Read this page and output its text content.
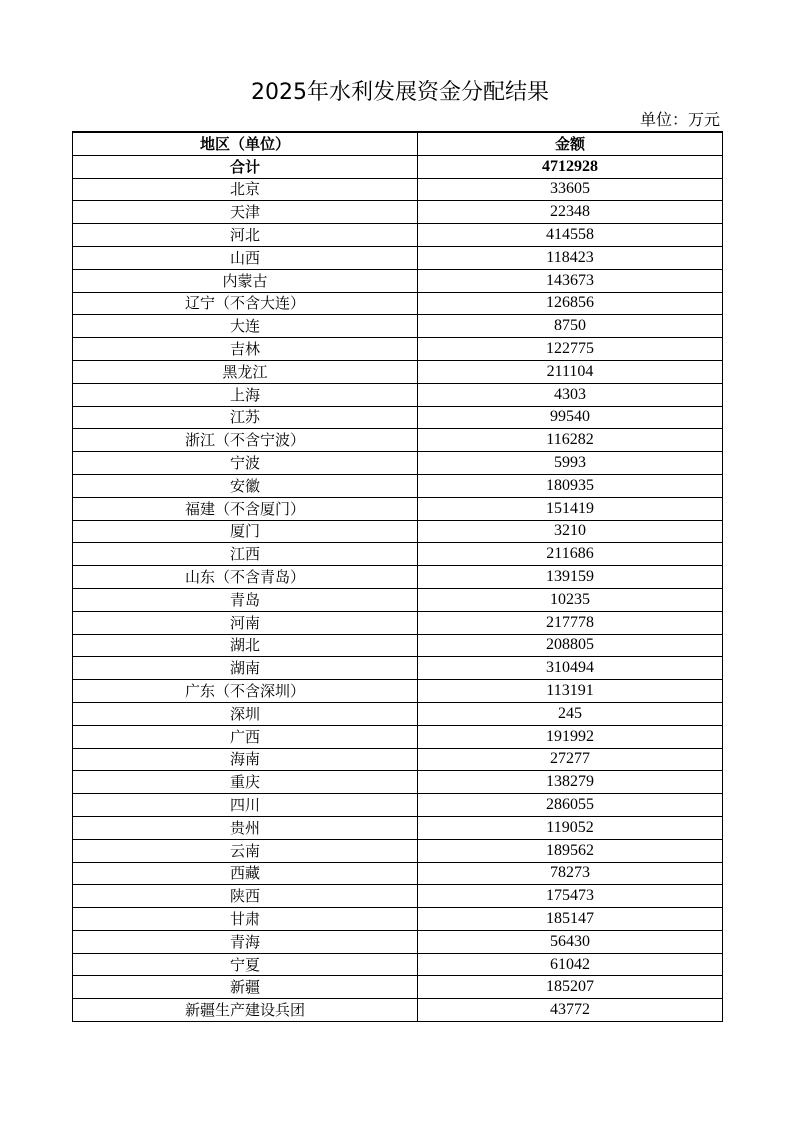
2025年水利发展资金分配结果
单位：万元
地区（单位）	金额
合计	4712928
北京	33605
天津	22348
河北	414558
山西	118423
内蒙古	143673
辽宁（不含大连）	126856
大连	8750
吉林	122775
黑龙江	211104
上海	4303
江苏	99540
浙江（不含宁波）	116282
宁波	5993
安徽	180935
福建（不含厦门）	151419
厦门	3210
江西	211686
山东（不含青岛）	139159
青岛	10235
河南	217778
湖北	208805
湖南	310494
广东（不含深圳）	113191
深圳	245
广西	191992
海南	27277
重庆	138279
四川	286055
贵州	119052
云南	189562
西藏	78273
陕西	175473
甘肃	185147
青海	56430
宁夏	61042
新疆	185207
新疆生产建设兵团	43772
